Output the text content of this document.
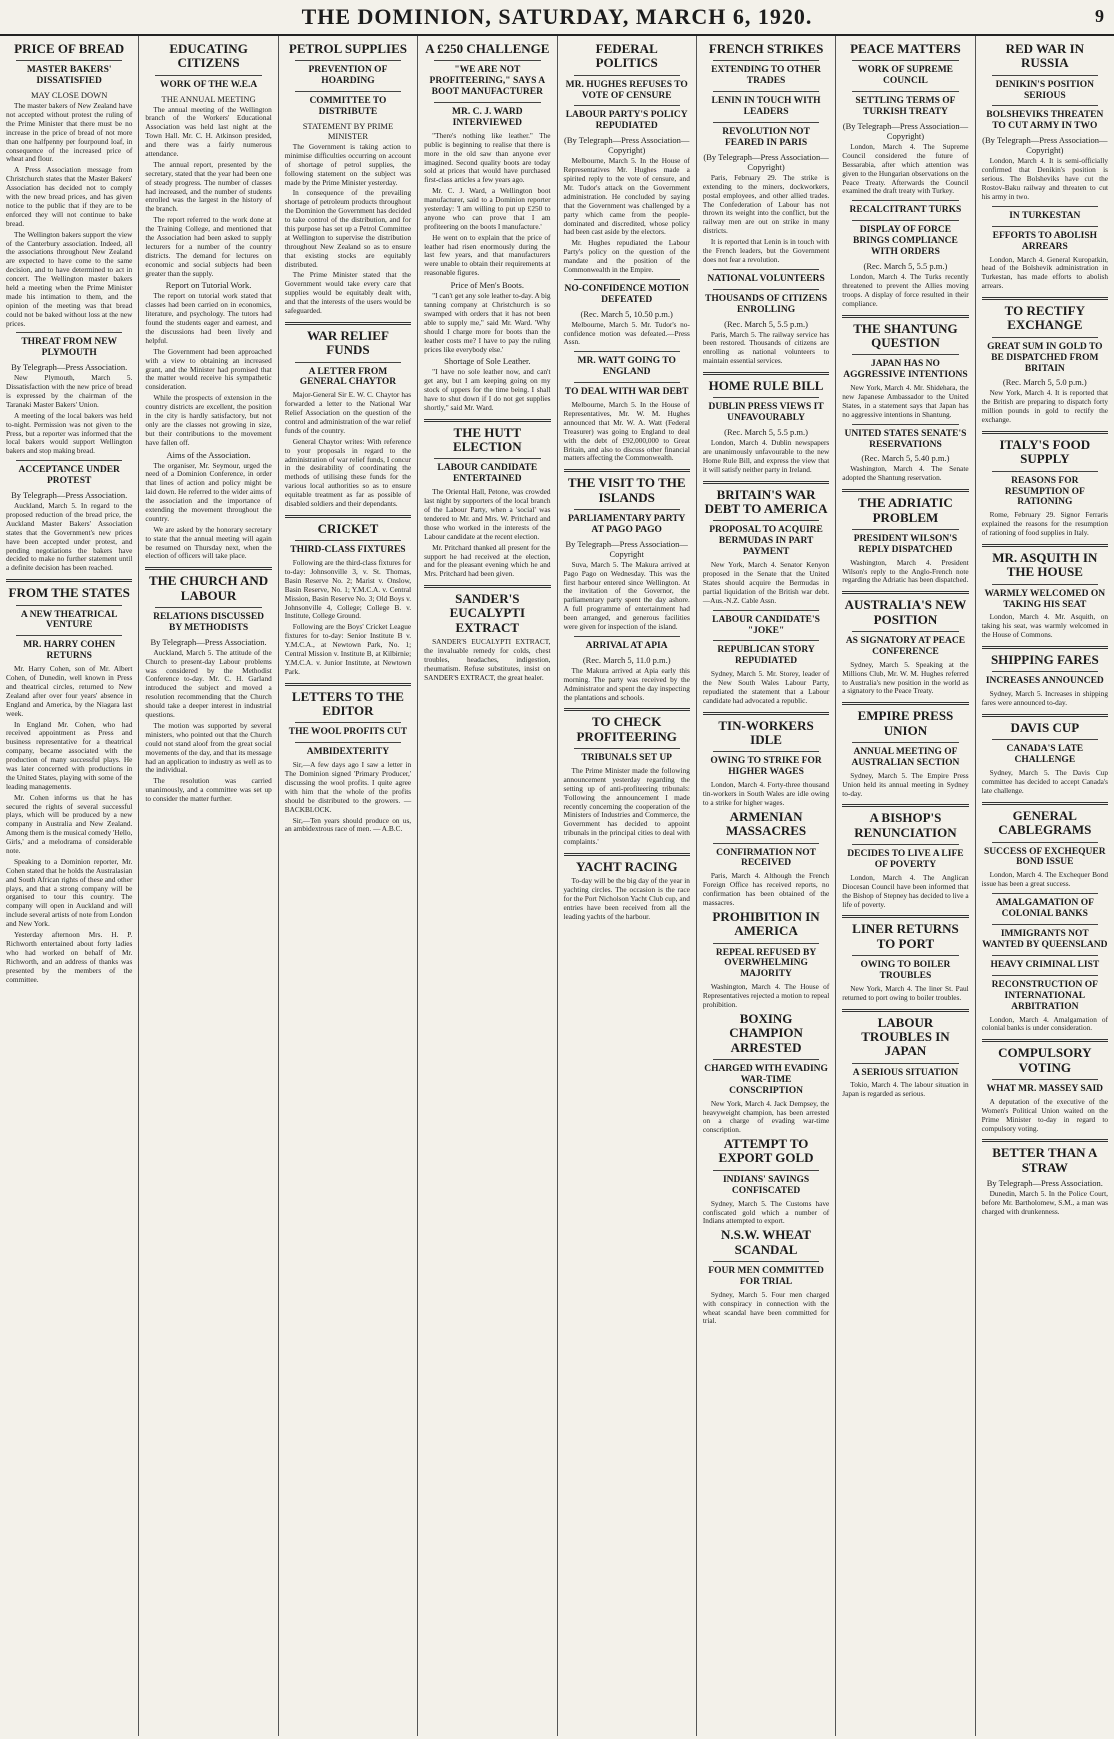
THE DOMINION, SATURDAY, MARCH 6, 1920.	9
PRICE OF BREAD
MASTER BAKERS' DISSATISFIED
MAY CLOSE DOWN

The master bakers of New Zealand have not accepted without protest the ruling of the Prime Minister that there must be no increase in the price of bread of not more than one halfpenny per fourpound loaf, in consequence of the increased price of wheat and flour.

A Press Association message from Christchurch states that the Master Bakers' Association has decided not to comply with the new bread prices, and has given notice to the public that if they are to be enforced they will not continue to bake bread.

The Wellington bakers support the view of the Canterbury association. Indeed, all the associations throughout New Zealand are expected to have come to the same decision, and to have determined to act in concert. The Wellington master bakers held a meeting when the Prime Minister made his intimation to them, and the opinion of the meeting was that bread could not be baked without loss at the new prices.

THREAT FROM NEW PLYMOUTH
By Telegraph—Press Association.

New Plymouth, March 5. Dissatisfaction with the new price of bread is expressed by the chairman of the Taranaki Master Bakers' Union.

A meeting of the local bakers was held to-night. Permission was not given to the Press, but a reporter was informed that the local bakers would support Wellington bakers and stop making bread.

ACCEPTANCE UNDER PROTEST
By Telegraph—Press Association.

Auckland, March 5. In regard to the proposed reduction of the bread price, the Auckland Master Bakers' Association states that the Government's new prices have been accepted under protest, and pending negotiations the bakers have decided to make no further statement until a definite decision has been reached.

FROM THE STATES
A NEW THEATRICAL VENTURE
MR. HARRY COHEN RETURNS

Mr. Harry Cohen, son of Mr. Albert Cohen, of Dunedin, well known in Press and theatrical circles, returned to New Zealand after over four years' absence in England and America, by the Niagara last week.

In England Mr. Cohen, who had received appointment as Press and business representative for a theatrical company, became associated with the production of many successful plays. He was later concerned with productions in the United States, playing with some of the leading managements.

Mr. Cohen informs us that he has secured the rights of several successful plays, which will be produced by a new company in Australia and New Zealand. Among them is the musical comedy 'Hello, Girls,' and a melodrama of considerable note.

Speaking to a Dominion reporter, Mr. Cohen stated that he holds the Australasian and South African rights of these and other plays, and that a strong company will be organised to tour this country. The company will open in Auckland and will include several artists of note from London and New York.

Yesterday afternoon Mrs. H. P. Richworth entertained about forty ladies who had worked on behalf of Mr. Richworth, and an address of thanks was presented by the members of the committee.

EDUCATING CITIZENS
WORK OF THE W.E.A
THE ANNUAL MEETING

The annual meeting of the Wellington branch of the Workers' Educational Association was held last night at the Town Hall. Mr. C. H. Atkinson presided, and there was a fairly numerous attendance.

The annual report, presented by the secretary, stated that the year had been one of steady progress. The number of classes had increased, and the number of students enrolled was the largest in the history of the branch.

The report referred to the work done at the Training College, and mentioned that the Association had been asked to supply lecturers for a number of the country districts. The demand for lectures on economic and social subjects had been greater than the supply.

Report on Tutorial Work.

The report on tutorial work stated that classes had been carried on in economics, literature, and psychology. The tutors had found the students eager and earnest, and the discussions had been lively and helpful.

The Government had been approached with a view to obtaining an increased grant, and the Minister had promised that the matter would receive his sympathetic consideration.

While the prospects of extension in the country districts are excellent, the position in the city is hardly satisfactory, but not only are the classes not growing in size, but their contributions to the movement have fallen off.

Aims of the Association.

The organiser, Mr. Seymour, urged the need of a Dominion Conference, in order that lines of action and policy might be laid down. He referred to the wider aims of the association and the importance of extending the movement throughout the country.

We are asked by the honorary secretary to state that the annual meeting will again be resumed on Thursday next, when the election of officers will take place.

THE CHURCH AND LABOUR
RELATIONS DISCUSSED BY METHODISTS
By Telegraph—Press Association.

Auckland, March 5. The attitude of the Church to present-day Labour problems was considered by the Methodist Conference to-day. Mr. C. H. Garland introduced the subject and moved a resolution recommending that the Church should take a deeper interest in industrial questions.

The motion was supported by several ministers, who pointed out that the Church could not stand aloof from the great social movements of the day, and that its message had an application to industry as well as to the individual.

The resolution was carried unanimously, and a committee was set up to consider the matter further.

PETROL SUPPLIES
PREVENTION OF HOARDING
COMMITTEE TO DISTRIBUTE
STATEMENT BY PRIME MINISTER

The Government is taking action to minimise difficulties occurring on account of shortage of petrol supplies, the following statement on the subject was made by the Prime Minister yesterday.

In consequence of the prevailing shortage of petroleum products throughout the Dominion the Government has decided to take control of the distribution, and for this purpose has set up a Petrol Committee at Wellington to supervise the distribution throughout New Zealand so as to ensure that existing stocks are equitably distributed.

The Prime Minister stated that the Government would take every care that supplies would be equitably dealt with, and that the interests of the users would be safeguarded.

WAR RELIEF FUNDS
A LETTER FROM GENERAL CHAYTOR

Major-General Sir E. W. C. Chaytor has forwarded a letter to the National War Relief Association on the question of the control and administration of the war relief funds of the country.

General Chaytor writes: With reference to your proposals in regard to the administration of war relief funds, I concur in the desirability of coordinating the methods of utilising these funds for the various local authorities so as to ensure equitable treatment as far as possible of disabled soldiers and their dependants.

CRICKET
THIRD-CLASS FIXTURES

Following are the third-class fixtures for to-day: Johnsonville 3, v. St. Thomas, Basin Reserve No. 2; Marist v. Onslow, Basin Reserve, No. 1; Y.M.C.A. v. Central Mission, Basin Reserve No. 3; Old Boys v. Johnsonville 4, College; College B. v. Institute, College Ground.

Following are the Boys' Cricket League fixtures for to-day: Senior Institute B v. Y.M.C.A., at Newtown Park, No. 1; Central Mission v. Institute B, at Kilbirnie; Y.M.C.A. v. Junior Institute, at Newtown Park.

LETTERS TO THE EDITOR
THE WOOL PROFITS CUT
AMBIDEXTERITY

Sir,—A few days ago I saw a letter in The Dominion signed 'Primary Producer,' discussing the wool profits. I quite agree with him that the whole of the profits should be distributed to the growers. — BACKBLOCK.

Sir,—Ten years should produce on us, an ambidextrous race of men. — A.B.C.

A £250 CHALLENGE
"WE ARE NOT PROFITEERING," SAYS A BOOT MANUFACTURER
MR. C. J. WARD INTERVIEWED

"There's nothing like leather." The public is beginning to realise that there is more in the old saw than anyone ever imagined. Second quality boots are today sold at prices that would have purchased first-class articles a few years ago.

Mr. C. J. Ward, a Wellington boot manufacturer, said to a Dominion reporter yesterday: 'I am willing to put up £250 to anyone who can prove that I am profiteering on the boots I manufacture.'

He went on to explain that the price of leather had risen enormously during the last few years, and that manufacturers were unable to obtain their requirements at reasonable figures.

Price of Men's Boots.

"I can't get any sole leather to-day. A big tanning company at Christchurch is so swamped with orders that it has not been able to supply me," said Mr. Ward. 'Why should I charge more for boots than the leather costs me? I have to pay the ruling prices like everybody else.'

Shortage of Sole Leather.

"I have no sole leather now, and can't get any, but I am keeping going on my stock of uppers for the time being. I shall have to shut down if I do not get supplies shortly," said Mr. Ward.

THE HUTT ELECTION
LABOUR CANDIDATE ENTERTAINED

The Oriental Hall, Petone, was crowded last night by supporters of the local branch of the Labour Party, when a 'social' was tendered to Mr. and Mrs. W. Pritchard and those who worked in the interests of the Labour candidate at the recent election.

Mr. Pritchard thanked all present for the support he had received at the election, and for the pleasant evening which he and Mrs. Pritchard had been given.

SANDER'S EUCALYPTI EXTRACT

SANDER'S EUCALYPTI EXTRACT, the invaluable remedy for colds, chest troubles, headaches, indigestion, rheumatism. Refuse substitutes, insist on SANDER'S EXTRACT, the great healer.

FEDERAL POLITICS
MR. HUGHES REFUSES TO VOTE OF CENSURE
LABOUR PARTY'S POLICY REPUDIATED
(By Telegraph—Press Association—Copyright)

Melbourne, March 5. In the House of Representatives Mr. Hughes made a spirited reply to the vote of censure, and Mr. Tudor's attack on the Government administration. He concluded by saying that the Government was challenged by a party which came from the people-dominated and discredited, whose policy had been cast aside by the electors.

Mr. Hughes repudiated the Labour Party's policy on the question of the mandate and the position of the Commonwealth in the Empire.

NO-CONFIDENCE MOTION DEFEATED
(Rec. March 5, 10.50 p.m.)

Melbourne, March 5. Mr. Tudor's no-confidence motion was defeated.—Press Assn.

MR. WATT GOING TO ENGLAND
TO DEAL WITH WAR DEBT

Melbourne, March 5. In the House of Representatives, Mr. W. M. Hughes announced that Mr. W. A. Watt (Federal Treasurer) was going to England to deal with the debt of £92,000,000 to Great Britain, and also to discuss other financial matters affecting the Commonwealth.

THE VISIT TO THE ISLANDS
PARLIAMENTARY PARTY AT PAGO PAGO
By Telegraph—Press Association—Copyright

Suva, March 5. The Makura arrived at Pago Pago on Wednesday. This was the first harbour entered since Wellington. At the invitation of the Governor, the parliamentary party spent the day ashore. A full programme of entertainment had been arranged, and generous facilities were given for inspection of the island.

ARRIVAL AT APIA
(Rec. March 5, 11.0 p.m.)

The Makura arrived at Apia early this morning. The party was received by the Administrator and spent the day inspecting the plantations and schools.

TO CHECK PROFITEERING
TRIBUNALS SET UP

The Prime Minister made the following announcement yesterday regarding the setting up of anti-profiteering tribunals: 'Following the announcement I made recently concerning the cooperation of the Ministers of Industries and Commerce, the Government has decided to appoint tribunals in the principal cities to deal with complaints.'

YACHT RACING

To-day will be the big day of the year in yachting circles. The occasion is the race for the Port Nicholson Yacht Club cup, and entries have been received from all the leading yachts of the harbour.

FRENCH STRIKES
EXTENDING TO OTHER TRADES
LENIN IN TOUCH WITH LEADERS
REVOLUTION NOT FEARED IN PARIS
(By Telegraph—Press Association—Copyright)

Paris, February 29. The strike is extending to the miners, dockworkers, postal employees, and other allied trades. The Confederation of Labour has not thrown its weight into the conflict, but the railway men are out on strike in many districts.

It is reported that Lenin is in touch with the French leaders, but the Government does not fear a revolution.

NATIONAL VOLUNTEERS
THOUSANDS OF CITIZENS ENROLLING
(Rec. March 5, 5.5 p.m.)

Paris, March 5. The railway service has been restored. Thousands of citizens are enrolling as national volunteers to maintain essential services.

HOME RULE BILL
DUBLIN PRESS VIEWS IT UNFAVOURABLY
(Rec. March 5, 5.5 p.m.)

London, March 4. Dublin newspapers are unanimously unfavourable to the new Home Rule Bill, and express the view that it will satisfy neither party in Ireland.

BRITAIN'S WAR DEBT TO AMERICA
PROPOSAL TO ACQUIRE BERMUDAS IN PART PAYMENT

New York, March 4. Senator Kenyon proposed in the Senate that the United States should acquire the Bermudas in partial liquidation of the British war debt.—Aus.-N.Z. Cable Assn.

LABOUR CANDIDATE'S "JOKE"
REPUBLICAN STORY REPUDIATED

Sydney, March 5. Mr. Storey, leader of the New South Wales Labour Party, repudiated the statement that a Labour candidate had advocated a republic.

TIN-WORKERS IDLE
OWING TO STRIKE FOR HIGHER WAGES

London, March 4. Forty-three thousand tin-workers in South Wales are idle owing to a strike for higher wages.

ARMENIAN MASSACRES
CONFIRMATION NOT RECEIVED

Paris, March 4. Although the French Foreign Office has received reports, no confirmation has been obtained of the massacres.

PROHIBITION IN AMERICA
REPEAL REFUSED BY OVERWHELMING MAJORITY

Washington, March 4. The House of Representatives rejected a motion to repeal prohibition.

BOXING CHAMPION ARRESTED
CHARGED WITH EVADING WAR-TIME CONSCRIPTION

New York, March 4. Jack Dempsey, the heavyweight champion, has been arrested on a charge of evading war-time conscription.

ATTEMPT TO EXPORT GOLD
INDIANS' SAVINGS CONFISCATED

Sydney, March 5. The Customs have confiscated gold which a number of Indians attempted to export.

N.S.W. WHEAT SCANDAL
FOUR MEN COMMITTED FOR TRIAL

Sydney, March 5. Four men charged with conspiracy in connection with the wheat scandal have been committed for trial.

PEACE MATTERS
WORK OF SUPREME COUNCIL
SETTLING TERMS OF TURKISH TREATY
(By Telegraph—Press Association—Copyright)

London, March 4. The Supreme Council considered the future of Bessarabia, after which attention was given to the Hungarian observations on the Peace Treaty. Afterwards the Council examined the draft treaty with Turkey.

RECALCITRANT TURKS
DISPLAY OF FORCE BRINGS COMPLIANCE WITH ORDERS
(Rec. March 5, 5.5 p.m.)

London, March 4. The Turks recently threatened to prevent the Allies moving troops. A display of force resulted in their compliance.

THE SHANTUNG QUESTION
JAPAN HAS NO AGGRESSIVE INTENTIONS

New York, March 4. Mr. Shidehara, the new Japanese Ambassador to the United States, in a statement says that Japan has no aggressive intentions in Shantung.

UNITED STATES SENATE'S RESERVATIONS
(Rec. March 5, 5.40 p.m.)

Washington, March 4. The Senate adopted the Shantung reservation.

THE ADRIATIC PROBLEM
PRESIDENT WILSON'S REPLY DISPATCHED

Washington, March 4. President Wilson's reply to the Anglo-French note regarding the Adriatic has been dispatched.

AUSTRALIA'S NEW POSITION
AS SIGNATORY AT PEACE CONFERENCE

Sydney, March 5. Speaking at the Millions Club, Mr. W. M. Hughes referred to Australia's new position in the world as a signatory to the Peace Treaty.

EMPIRE PRESS UNION
ANNUAL MEETING OF AUSTRALIAN SECTION

Sydney, March 5. The Empire Press Union held its annual meeting in Sydney to-day.

A BISHOP'S RENUNCIATION
DECIDES TO LIVE A LIFE OF POVERTY

London, March 4. The Anglican Diocesan Council have been informed that the Bishop of Stepney has decided to live a life of poverty.

LINER RETURNS TO PORT
OWING TO BOILER TROUBLES

New York, March 4. The liner St. Paul returned to port owing to boiler troubles.

LABOUR TROUBLES IN JAPAN
A SERIOUS SITUATION

Tokio, March 4. The labour situation in Japan is regarded as serious.

RED WAR IN RUSSIA
DENIKIN'S POSITION SERIOUS
BOLSHEVIKS THREATEN TO CUT ARMY IN TWO
(By Telegraph—Press Association—Copyright)

London, March 4. It is semi-officially confirmed that Denikin's position is serious. The Bolsheviks have cut the Rostov-Baku railway and threaten to cut his army in two.

IN TURKESTAN
EFFORTS TO ABOLISH ARREARS

London, March 4. General Kuropatkin, head of the Bolshevik administration in Turkestan, has made efforts to abolish arrears.

TO RECTIFY EXCHANGE
GREAT SUM IN GOLD TO BE DISPATCHED FROM BRITAIN
(Rec. March 5, 5.0 p.m.)

New York, March 4. It is reported that the British are preparing to dispatch forty million pounds in gold to rectify the exchange.

ITALY'S FOOD SUPPLY
REASONS FOR RESUMPTION OF RATIONING

Rome, February 29. Signor Ferraris explained the reasons for the resumption of rationing of food supplies in Italy.

MR. ASQUITH IN THE HOUSE
WARMLY WELCOMED ON TAKING HIS SEAT

London, March 4. Mr. Asquith, on taking his seat, was warmly welcomed in the House of Commons.

SHIPPING FARES
INCREASES ANNOUNCED

Sydney, March 5. Increases in shipping fares were announced to-day.

DAVIS CUP
CANADA'S LATE CHALLENGE

Sydney, March 5. The Davis Cup committee has decided to accept Canada's late challenge.

GENERAL CABLEGRAMS
SUCCESS OF EXCHEQUER BOND ISSUE

London, March 4. The Exchequer Bond issue has been a great success.

AMALGAMATION OF COLONIAL BANKS
IMMIGRANTS NOT WANTED BY QUEENSLAND
HEAVY CRIMINAL LIST
RECONSTRUCTION OF INTERNATIONAL ARBITRATION

London, March 4. Amalgamation of colonial banks is under consideration.

COMPULSORY VOTING
WHAT MR. MASSEY SAID

A deputation of the executive of the Women's Political Union waited on the Prime Minister to-day in regard to compulsory voting.

BETTER THAN A STRAW
By Telegraph—Press Association.

Dunedin, March 5. In the Police Court, before Mr. Bartholomew, S.M., a man was charged with drunkenness.
